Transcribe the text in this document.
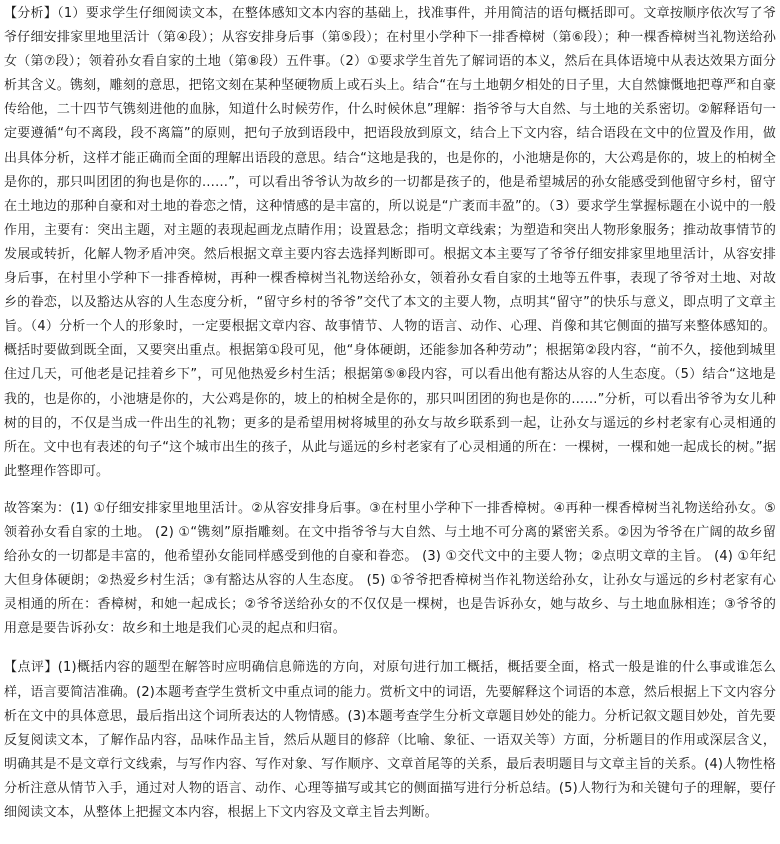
【分析】（1）要求学生仔细阅读文本，在整体感知文本内容的基础上，找准事件，并用简洁的语句概括即可。文章按顺序依次写了爷爷仔细安排家里地里活计（第④段）；从容安排身后事（第⑤段）；在村里小学种下一排香樟树（第⑥段）；种一棵香樟树当礼物送给孙女（第⑦段）；领着孙女看自家的土地（第⑧段）五件事。（2）①要求学生首先了解词语的本义，然后在具体语境中从表达效果方面分析其含义。镌刻，雕刻的意思，把铭文刻在某种坚硬物质上或石头上。结合“在与土地朝夕相处的日子里，大自然慷慨地把尊严和自豪传给他，二十四节气镌刻进他的血脉，知道什么时候劳作，什么时候休息”理解：指爷爷与大自然、与土地的关系密切。②解释语句一定要遵循“句不离段，段不离篇”的原则，把句子放到语段中，把语段放到原文，结合上下文内容，结合语段在文中的位置及作用，做出具体分析，这样才能正确而全面的理解出语段的意思。结合“这地是我的，也是你的，小池塘是你的，大公鸡是你的，坡上的柏树全是你的，那只叫团团的狗也是你的……”，可以看出爷爷认为故乡的一切都是孩子的，他是希望城居的孙女能感受到他留守乡村，留守在土地边的那种自豪和对土地的眷恋之情，这种情感的是丰富的，所以说是“广袤而丰盈”的。（3）要求学生掌握标题在小说中的一般作用，主要有：突出主题，对主题的表现起画龙点睛作用；设置悬念；指明文章线索；为塑造和突出人物形象服务；推动故事情节的发展或转折，化解人物矛盾冲突。然后根据文章主要内容去选择判断即可。根据文本主要写了爷爷仔细安排家里地里活计，从容安排身后事，在村里小学种下一排香樟树，再种一棵香樟树当礼物送给孙女，领着孙女看自家的土地等五件事，表现了爷爷对土地、对故乡的眷恋，以及豁达从容的人生态度分析，“留守乡村的爷爷”交代了本文的主要人物，点明其“留守”的快乐与意义，即点明了文章主旨。（4）分析一个人的形象时，一定要根据文章内容、故事情节、人物的语言、动作、心理、肖像和其它侧面的描写来整体感知的。概括时要做到既全面，又要突出重点。根据第①段可见，他“身体硬朗，还能参加各种劳动”；根据第②段内容，“前不久，接他到城里住过几天，可他老是记挂着乡下”，可见他热爱乡村生活；根据第⑤⑧段内容，可以看出他有豁达从容的人生态度。（5）结合“这地是我的，也是你的，小池塘是你的，大公鸡是你的，坡上的柏树全是你的，那只叫团团的狗也是你的……”分析，可以看出爷爷为女儿种树的目的，不仅是当成一件出生的礼物；更多的是希望用树将城里的孙女与故乡联系到一起，让孙女与遥远的乡村老家有心灵相通的所在。文中也有表述的句子“这个城市出生的孩子，从此与遥远的乡村老家有了心灵相通的所在：一棵树，一棵和她一起成长的树。”据此整理作答即可。

故答案为：(1) ①仔细安排家里地里活计。②从容安排身后事。③在村里小学种下一排香樟树。④再种一棵香樟树当礼物送给孙女。⑤领着孙女看自家的土地。 (2) ①“镌刻”原指雕刻。在文中指爷爷与大自然、与土地不可分离的紧密关系。②因为爷爷在广阔的故乡留给孙女的一切都是丰富的，他希望孙女能同样感受到他的自豪和眷恋。 (3) ①交代文中的主要人物；②点明文章的主旨。 (4) ①年纪大但身体硬朗；②热爱乡村生活；③有豁达从容的人生态度。 (5) ①爷爷把香樟树当作礼物送给孙女，让孙女与遥远的乡村老家有心灵相通的所在：香樟树，和她一起成长；②爷爷送给孙女的不仅仅是一棵树，也是告诉孙女，她与故乡、与土地血脉相连；③爷爷的用意是要告诉孙女：故乡和土地是我们心灵的起点和归宿。

【点评】(1)概括内容的题型在解答时应明确信息筛选的方向，对原句进行加工概括，概括要全面，格式一般是谁的什么事或谁怎么样，语言要简洁准确。(2)本题考查学生赏析文中重点词的能力。赏析文中的词语，先要解释这个词语的本意，然后根据上下文内容分析在文中的具体意思，最后指出这个词所表达的人物情感。(3)本题考查学生分析文章题目妙处的能力。分析记叙文题目妙处，首先要反复阅读文本，了解作品内容，品味作品主旨，然后从题目的修辞（比喻、象征、一语双关等）方面，分析题目的作用或深层含义，明确其是不是文章行文线索，与写作内容、写作对象、写作顺序、文章首尾等的关系，最后表明题目与文章主旨的关系。(4)人物性格分析注意从情节入手，通过对人物的语言、动作、心理等描写或其它的侧面描写进行分析总结。(5)人物行为和关键句子的理解，要仔细阅读文本，从整体上把握文本内容，根据上下文内容及文章主旨去判断。
